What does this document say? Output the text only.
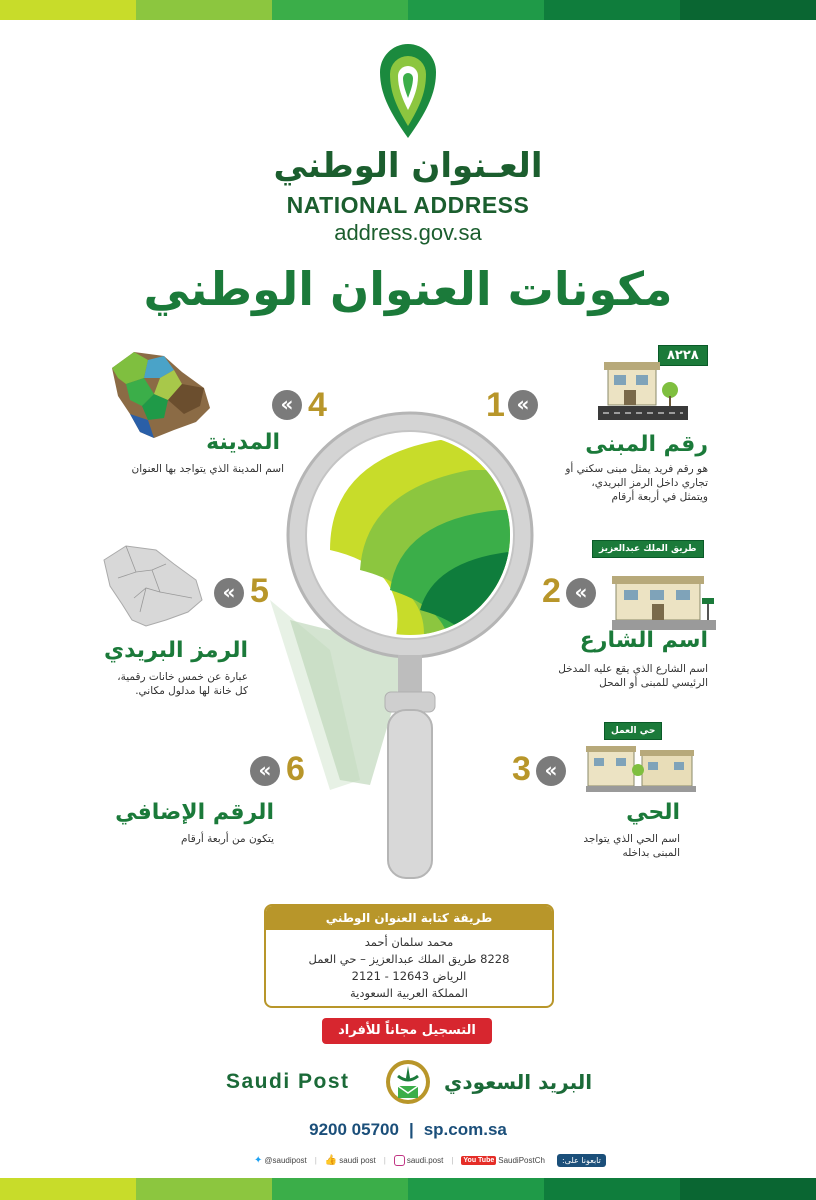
العـنوان الوطني
NATIONAL ADDRESS
address.gov.sa
مكونات العنوان الوطني
٨٢٢٨
1 «
رقم المبنى
هو رقم فريد يمثل مبنى سكني أو
تجاري داخل الرمز البريدي،
ويتمثل في أربعة أرقام
طريق الملك عبدالعزيز
2 «
اسم الشارع
اسم الشارع الذي يقع عليه المدخل
الرئيسي للمبنى أو المحل
حي العمل
3 «
الحي
اسم الحي الذي يتواجد
المبنى بداخله
4
«
المدينة
اسم المدينة الذي يتواجد بها العنوان
5
«
الرمز البريدي
عبارة عن خمس خانات رقمية،
كل خانة لها مدلول مكاني.
6
«
الرقم الإضافي
يتكون من أربعة أرقام
طريقة كتابة العنوان الوطني
محمد سلمان أحمد
8228 طريق الملك عبدالعزيز – حي العمل
الرياض 12643 - 2121
المملكة العربية السعودية
التسجيل مجاناً للأفراد
Saudi Post	البريد السعودي
9200 05700 | sp.com.sa
✦ @saudipost | 👍 saudi post |	saudi.post | You Tube SaudiPostCh	تابعونا على:
